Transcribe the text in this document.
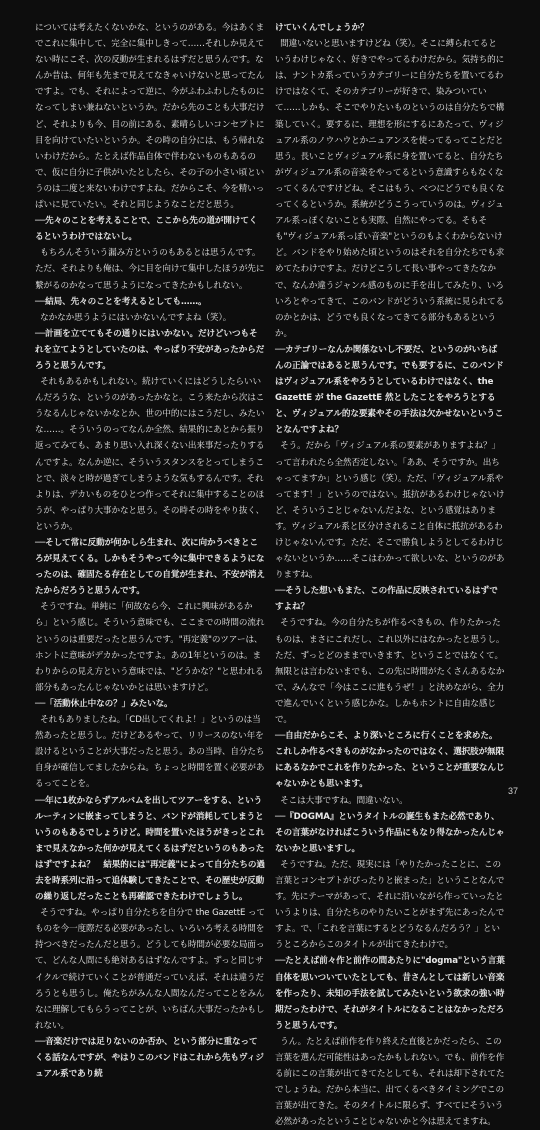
については考えたくないかな、というのがある。今はあくまでこれに集中して、完全に集中しきって……それしか見えてない時にこそ、次の反動が生まれるはずだと思うんです。なんか昔は、何年も先まで見えてなきゃいけないと思ってたんですよ。でも、それによって逆に、今がふわふわしたものになってしまい兼ねないというか。だから先のことも大事だけど、それよりも今、目の前にある、素晴らしいコンセプトに目を向けていたいというか。その時の自分には、もう帰れないわけだから。たとえば作品自体で伴わないものもあるので、仮に自分に子供がいたとしたら、その子の小さい頃というのは二度と来ないわけですよね。だからこそ、今を精いっぱいに見ていたい。それと同じようなことだと思う。

──先々のことを考えることで、ここから先の道が開けてくるというわけではないし。

もちろんそういう漏み方というのもあるとは思うんです。ただ、それよりも俺は、今に目を向けて集中したほうが先に繋がるのかなって思うようになってきたかもしれない。

──結局、先々のことを考えるとしても……。

なかなか思うようにはいかないんですよね（笑）。

──計画を立ててもその通りにはいかない。だけどいつもそれを立てようとしていたのは、やっぱり不安があったからだろうと思うんです。

それもあるかもしれない。続けていくにはどうしたらいいんだろうな、というのがあったかなと。こう来たから次はこうなるんじゃないかなとか、世の中的にはこうだし、みたいな……。そういうのってなんか全然、結果的にあとから振り返ってみても、あまり思い入れ深くない出来事だったりするんですよ。なんか逆に、そういうスタンスをとってしまうことで、淡々と時が過ぎてしまうような気もするんです。それよりは、デカいものをひとつ作ってそれに集中することのほうが、やっぱり大事かなと思う。その時その時をやり抜く、というか。

──そして常に反動が何かしら生まれ、次に向かうべきところが見えてくる。しかもそうやって今に集中できるようになったのは、確固たる存在としての自覚が生まれ、不安が消えたからだろうと思うんです。

そうですね。単純に「何故なら今、これに興味があるから」という感じ。そういう意味でも、ここまでの時間の流れというのは重要だったと思うんです。"再定義"のツアーは、ホントに意味がデカかったですよ。あの1年というのは。まわりからの見え方という意味では、"どうかな？"と思われる部分もあったんじゃないかとは思いますけど。

──「活動休止中なの？」みたいな。

それもありましたね。「CD出してくれよ！」というのは当然あったと思うし。だけどあるやって、リリースのない年を設けるということが大事だったと思う。あの当時、自分たち自身が確信してましたからね。ちょっと時間を置く必要があるってことを。

──年に1枚かならずアルバムを出してツアーをする、というルーティンに嵌まってしまうと、バンドが消耗してしまうというのもあるでしょうけど。時間を置いたほうがきっとこれまで見えなかった何かが見えてくるはずだというのもあったはずですよね？　結果的には"再定義"によって自分たちの過去を時系列に沿って追体験してきたことで、その歴史が反動の繰り返しだったことも再確認できたわけでしょうし。

そうですね。やっぱり自分たちを自分で the GazettE ってものを今一度際だる必要があったし、いろいろ考える時間を持つべきだったんだと思う。どうしても時間が必要な局面って、どんな人間にも絶対あるはずなんですよ。ずっと同じサイクルで続けていくことが普通だっていえば、それは違うだろうとも思うし。俺たちがみんな人間なんだってことをみんなに理解してもらうってことが、いちばん大事だったかもしれない。

──音楽だけでは足りないのか否か、という部分に重なってくる話なんですが、やはりこのバンドはこれから先もヴィジュアル系であり続

けていくんでしょうか？

間違いないと思いますけどね（笑）。そこに縛られてるというわけじゃなく、好きでやってるわけだから。気持ち的には、ナントカ系っていうカテゴリーに自分たちを置いてるわけではなくて、そのカテゴリーが好きで、染みついていて……しかも、そこでやりたいものというのは自分たちで構築していく。要するに、理想を形にするにあたって、ヴィジュアル系のノウハウとかニュアンスを使ってるってことだと思う。長いことヴィジュアル系に身を置いてると、自分たちがヴィジュアル系の音楽をやってるという意識すらもなくなってくるんですけどね。そこはもう、べつにどうでも良くなってくるというか。系統がどうこうっていうのは。ヴィジュアル系っぽくないことも実際、自然にやってる。そもそも"ヴィジュアル系っぽい音楽"というのもよくわからないけど。バンドをやり始めた頃というのはそれを自分たちでも求めてたわけですよ。だけどこうして長い事やってきたなかで、なんか違うジャンル感のものに手を出してみたり、いろいろとやってきて、このバンドがどういう系統に見られてるのかとかは、どうでも良くなってきてる部分もあるというか。

──カテゴリーなんか関係ないし不要だ、というのがいちばんの正論ではあると思うんです。でも要するに、このバンドはヴィジュアル系をやろうとしているわけではなく、the GazettE が the GazettE 然としたことをやろうとすると、ヴィジュアル的な要素やその手法は欠かせないということなんですよね？

そう。だから「ヴィジュアル系の要素がありますよね？」って言われたら全然否定しない。「ああ、そうですか。出ちゃってますか」という感じ（笑）。ただ、「ヴィジュアル系やってます！」というのではない。抵抗があるわけじゃないけど、そういうことじゃないんだよな、という感覚はあります。ヴィジュアル系と区分けされること自体に抵抗があるわけじゃないんです。ただ、そこで勝負しようとしてるわけじゃないというか……そこはわかって欲しいな、というのがありますね。

──そうした想いもまた、この作品に反映されているはずですよね？

そうですね。今の自分たちが作るべきもの、作りたかったものは、まさにこれだし、これ以外にはなかったと思うし。ただ、ずっとどのままでいきます、ということではなくて。無限とは言わないまでも、この先に時間がたくさんあるなかで、みんなで「今はここに進もうぜ！」と決めながら、全力で進んでいくという感じかな。しかもホントに自由な感じで。

──自由だからこそ、より深いところに行くことを求めた。これしか作るべきものがなかったのではなく、選択肢が無限にあるなかでこれを作りたかった、ということが重要なんじゃないかとも思います。

そこは大事ですね。間違いない。

──『DOGMA』というタイトルの誕生もまた必然であり、その言葉がなければこういう作品にもなり得なかったんじゃないかと思いますし。

そうですね。ただ、現実には「やりたかったことに、この言葉とコンセプトがぴったりと嵌まった」ということなんです。先にテーマがあって、それに沿いながら作っていったというよりは、自分たちのやりたいことがまず先にあったんですよ。で、「これを言葉にするとどうなるんだろう？」というところからこのタイトルが出てきたわけで。

──たとえば前々作と前作の間あたりに"dogma"という言葉自体を思いついていたとしても、昔さんとしては新しい音楽を作ったり、未知の手法を試してみたいという欲求の強い時期だったわけで、それがタイトルになることはなかっただろうと思うんです。

うん。たとえば前作を作り終えた直後とかだったら、この言葉を選んだ可能性はあったかもしれない。でも、前作を作る前にこの言葉が出てきてたとしても、それは却下されてたでしょうね。だから本当に、出てくるべきタイミングでこの言葉が出てきた。そのタイトルに限らず、すべてにそういう必然があったということじゃないかと今は思えてますね。

37
